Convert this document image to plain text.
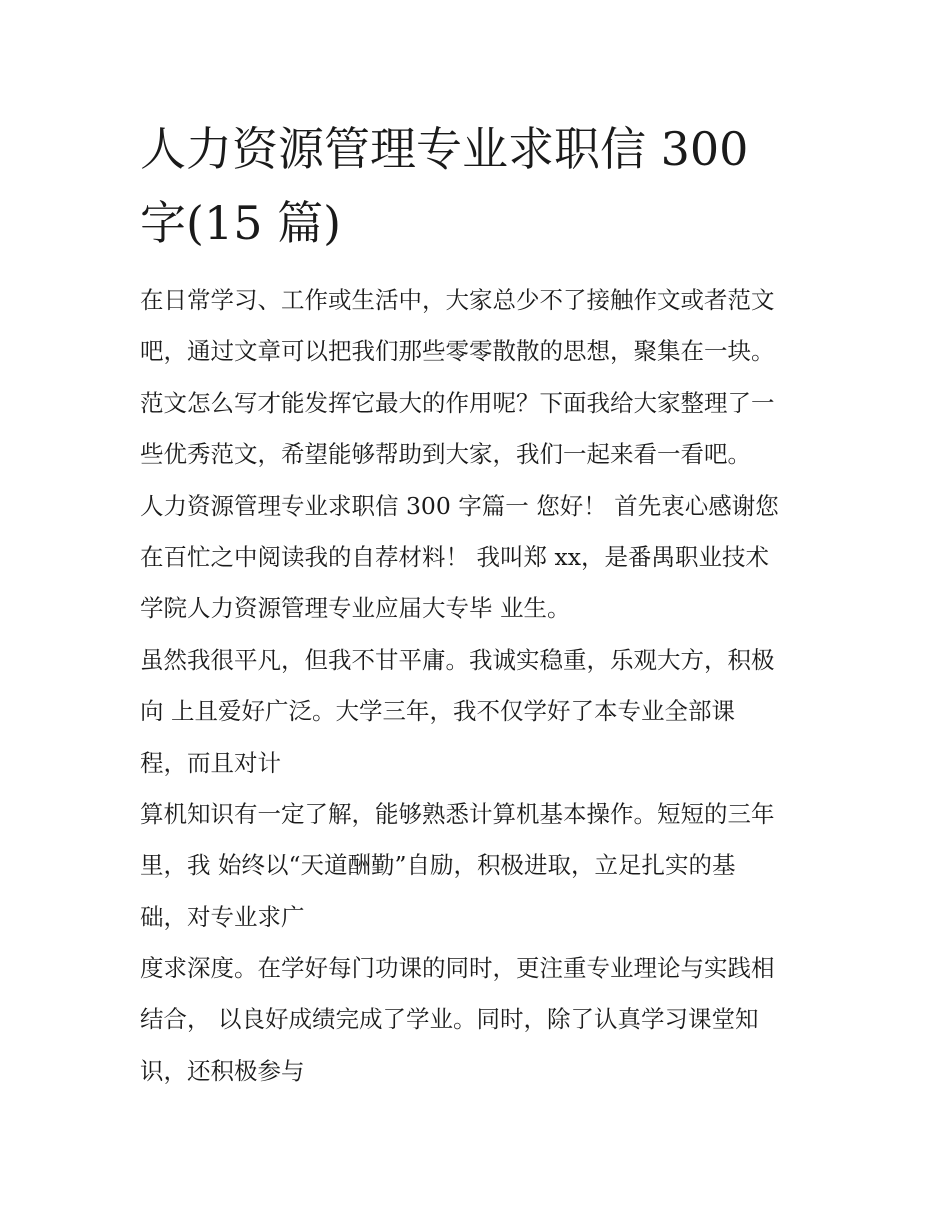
人力资源管理专业求职信 300
字(15 篇)

在日常学习、工作或生活中，大家总少不了接触作文或者范文
吧，通过文章可以把我们那些零零散散的思想，聚集在一块。
范文怎么写才能发挥它最大的作用呢？下面我给大家整理了一
些优秀范文，希望能够帮助到大家，我们一起来看一看吧。

人力资源管理专业求职信 300 字篇一 您好！ 首先衷心感谢您
在百忙之中阅读我的自荐材料！ 我叫郑 xx，是番禺职业技术
学院人力资源管理专业应届大专毕 业生。

虽然我很平凡，但我不甘平庸。我诚实稳重，乐观大方，积极
向 上且爱好广泛。大学三年，我不仅学好了本专业全部课
程，而且对计

算机知识有一定了解，能够熟悉计算机基本操作。短短的三年
里，我 始终以“天道酬勤”自励，积极进取，立足扎实的基
础，对专业求广

度求深度。在学好每门功课的同时，更注重专业理论与实践相
结合， 以良好成绩完成了学业。同时，除了认真学习课堂知
识，还积极参与
